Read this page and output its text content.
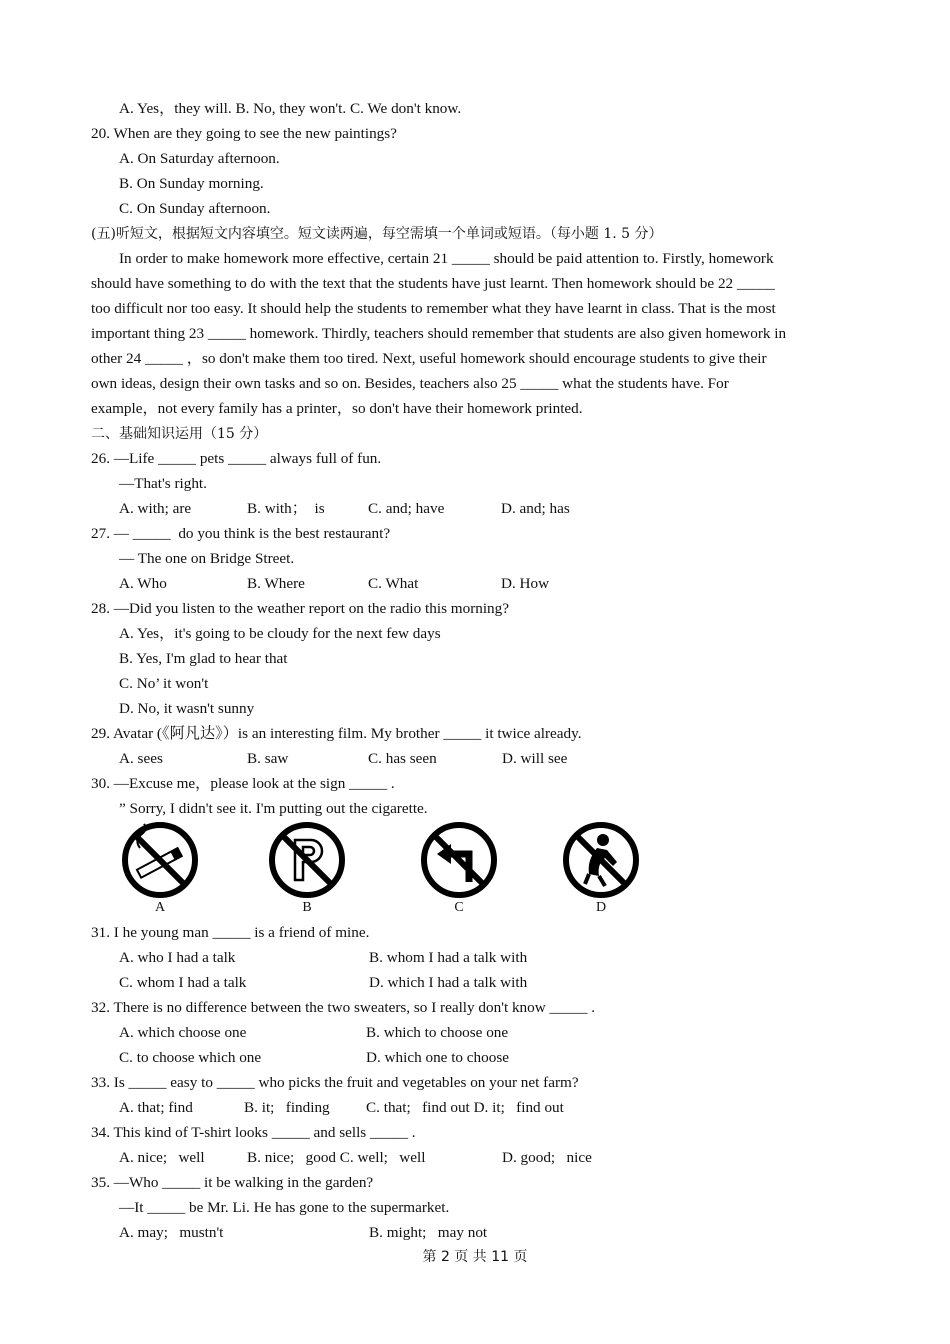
A. Yes，they will. B. No, they won't. C. We don't know.
20. When are they going to see the new paintings?
A. On Saturday afternoon.
B. On Sunday morning.
C. On Sunday afternoon.
(五)听短文，根据短文内容填空。短文读两遍，每空需填一个单词或短语。（每小题 1. 5 分）
In order to make homework more effective, certain 21 _____ should be paid attention to. Firstly, homework
should have something to do with the text that the students have just learnt. Then homework should be 22 _____
too difficult nor too easy. It should help the students to remember what they have learnt in class. That is the most
important thing 23 _____ homework. Thirdly, teachers should remember that students are also given homework in
other 24 _____ ，so don't make them too tired. Next, useful homework should encourage students to give their
own ideas, design their own tasks and so on. Besides, teachers also 25 _____ what the students have. For
example，not every family has a printer，so don't have their homework printed.
二、基础知识运用（15 分）
26. —Life _____ pets _____ always full of fun.
—That's right.
A. with; are	B. with；  is	C. and; have	D. and; has
27. — _____  do you think is the best restaurant?
— The one on Bridge Street.
A. Who	B. Where	C. What	D. How
28. —Did you listen to the weather report on the radio this morning?
A. Yes，it's going to be cloudy for the next few days
B. Yes, I'm glad to hear that
C. No’ it won't
D. No, it wasn't sunny
29. Avatar (《阿凡达》）is an interesting film. My brother _____ it twice already.
A. sees	B. saw	C. has seen	D. will see
30. —Excuse me，please look at the sign _____ .
” Sorry, I didn't see it. I'm putting out the cigarette.
A	B	C	D
31. I he young man _____ is a friend of mine.
A. who I had a talk	B. whom I had a talk with
C. whom I had a talk	D. which I had a talk with
32. There is no difference between the two sweaters, so I really don't know _____ .
A. which choose one	B. which to choose one
C. to choose which one	D. which one to choose
33. Is _____ easy to _____ who picks the fruit and vegetables on your net farm?
A. that; find	B. it;   finding C. that;   find out D. it;   find out
34. This kind of T-shirt looks _____ and sells _____ .
A. nice;   well	B. nice;   good C. well;   well	D. good;   nice
35. —Who _____ it be walking in the garden?
—It _____ be Mr. Li. He has gone to the supermarket.
A. may;   mustn't	B. might;   may not
第 2 页 共 11 页
